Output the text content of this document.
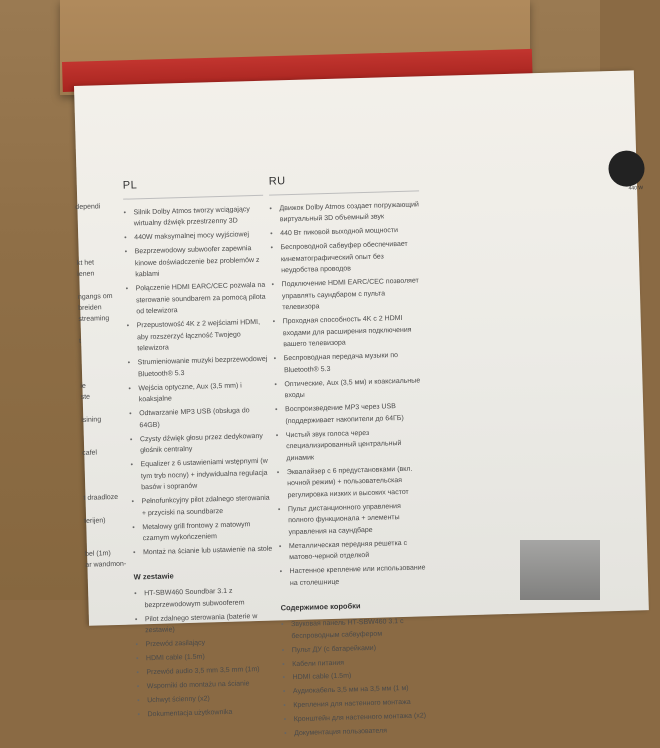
dependi
kt het
ienen
ngangs om
breiden
streaming
t
ie
ste
isining
cafel
t draadloze
terijen)
bel (1m)
ar wandmon-
PL
• Silnik Dolby Atmos tworzy wciągający wirtualny dźwięk przestrzenny 3D
• 440W maksymalnej mocy wyjściowej
• Bezprzewodowy subwoofer zapewnia kinowe doświadczenie bez problemów z kablami
• Połączenie HDMI EARC/CEC pozwala na sterowanie soundbarem za pomocą pilota od telewizora
• Przepustowość 4K z 2 wejściami HDMI, aby rozszerzyć łączność Twojego telewizora
• Strumieniowanie muzyki bezprzewodowej Bluetooth® 5.3
• Wejścia optyczne, Aux (3,5 mm) i koaksjalne
• Odtwarzanie MP3 USB (obsługa do 64GB)
• Czysty dźwięk głosu przez dedykowany głośnik centralny
• Equalizer z 6 ustawieniami wstępnymi (w tym tryb nocny) + indywidualna regulacja basów i sopranów
• Pełnofunkcyjny pilot zdalnego sterowania + przyciski na soundbarze
• Metalowy grill frontowy z matowym czarnym wykończeniem
• Montaż na ścianie lub ustawienie na stole
W zestawie
• HT-SBW460 Soundbar 3.1 z bezprzewodowym subwooferem
• Pilot zdalnego sterowania (baterie w zestawie)
• Przewód zasilający
• HDMI cable (1.5m)
• Przewód audio 3,5 mm 3,5 mm (1m)
• Wsporniki do montażu na ścianie
• Uchwyt ścienny (x2)
• Dokumentacja użytkownika
RU
• Движок Dolby Atmos создает погружающий виртуальный 3D объемный звук
• 440 Вт пиковой выходной мощности
• Беспроводной сабвуфер обеспечивает кинематографический опыт без неудобства проводов
• Подключение HDMI EARC/CEC позволяет управлять саундбаром с пульта телевизора
• Проходная способность 4K с 2 HDMI входами для расширения подключения вашего телевизора
• Беспроводная передача музыки по Bluetooth® 5.3
• Оптические, Aux (3,5 мм) и коаксиальные входы
• Воспроизведение MP3 через USB (поддерживает накопители до 64ГБ)
• Чистый звук голоса через специализированный центральный динамик
• Эквалайзер с 6 предустановками (вкл. ночной режим) + пользовательская регулировка низких и высоких частот
• Пульт дистанционного управления полного функционала + элементы управления на саундбаре
• Металлическая передняя решетка с матово-черной отделкой
• Настенное крепление или использование на столешнице
Содержимое коробки
• Звуковая панель HT-SBW460 3.1 с беспроводным сабвуфером
• Пульт ДУ (с батарейками)
• Кабели питания
• HDMI cable (1.5m)
• Аудиокабель 3,5 мм на 3,5 мм (1 м)
• Крепления для настенного монтажа
• Кронштейн для настенного монтажа (x2)
• Документация пользователя
440 W
